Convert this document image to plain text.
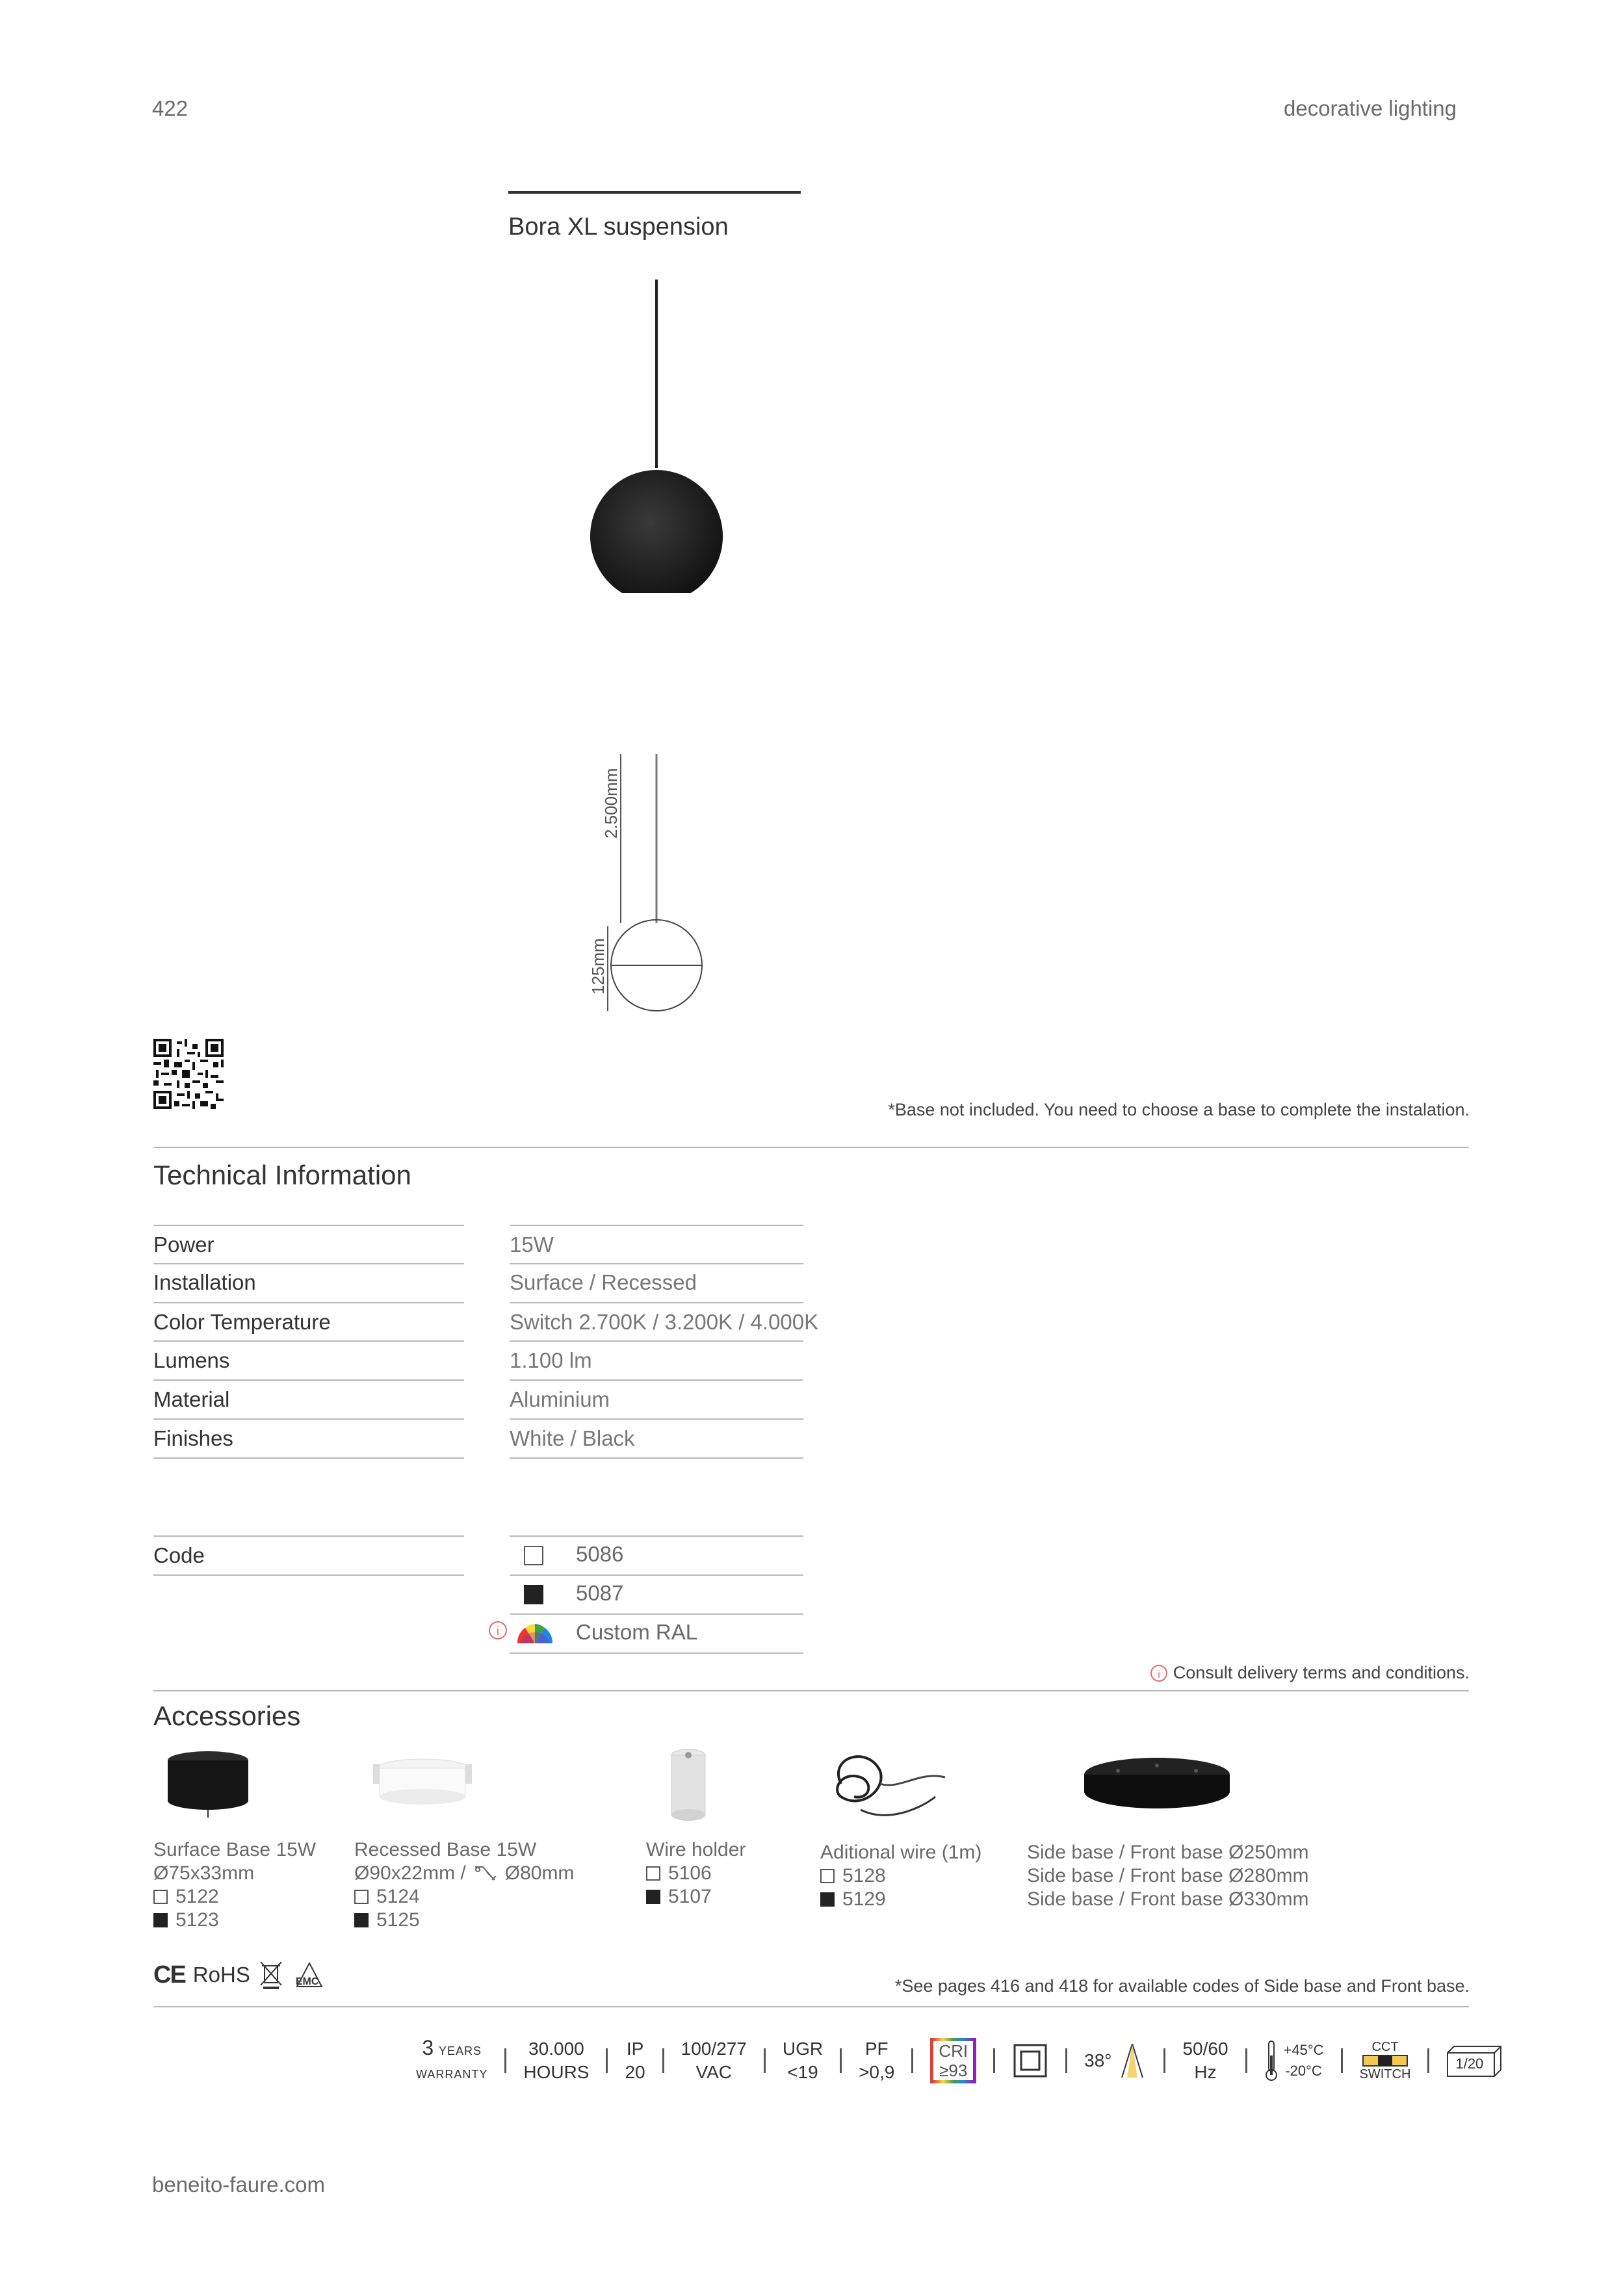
422	decorative lighting
Bora XL suspension
2.500mm
125mm
*Base not included. You need to choose a base to complete the instalation.
Technical Information
Power	15W
Installation	Surface / Recessed
Color Temperature	Switch 2.700K / 3.200K / 4.000K
Lumens	1.100 lm
Material	Aluminium
Finishes	White / Black
Code	5086
5087
i	Custom RAL
i Consult delivery terms and conditions.
Accessories
Surface Base 15W
Ø75x33mm
5122
5123
Recessed Base 15W
Ø90x22mm / Ø80mm
5124
5125
Wire holder
5106
5107
Aditional wire (1m)
5128
5129
Side base / Front base Ø250mm
Side base / Front base Ø280mm
Side base / Front base Ø330mm
CE RoHS	EMC	*See pages 416 and 418 for available codes of Side base and Front base.
3 YEARS
WARRANTY
30.000
HOURS
IP
20
100/277
VAC
UGR
<19
PF
>0,9
CRI
≥93	38°
50/60
Hz
+45°C
-20°C
CCT
SWITCH
1/20
beneito-faure.com
